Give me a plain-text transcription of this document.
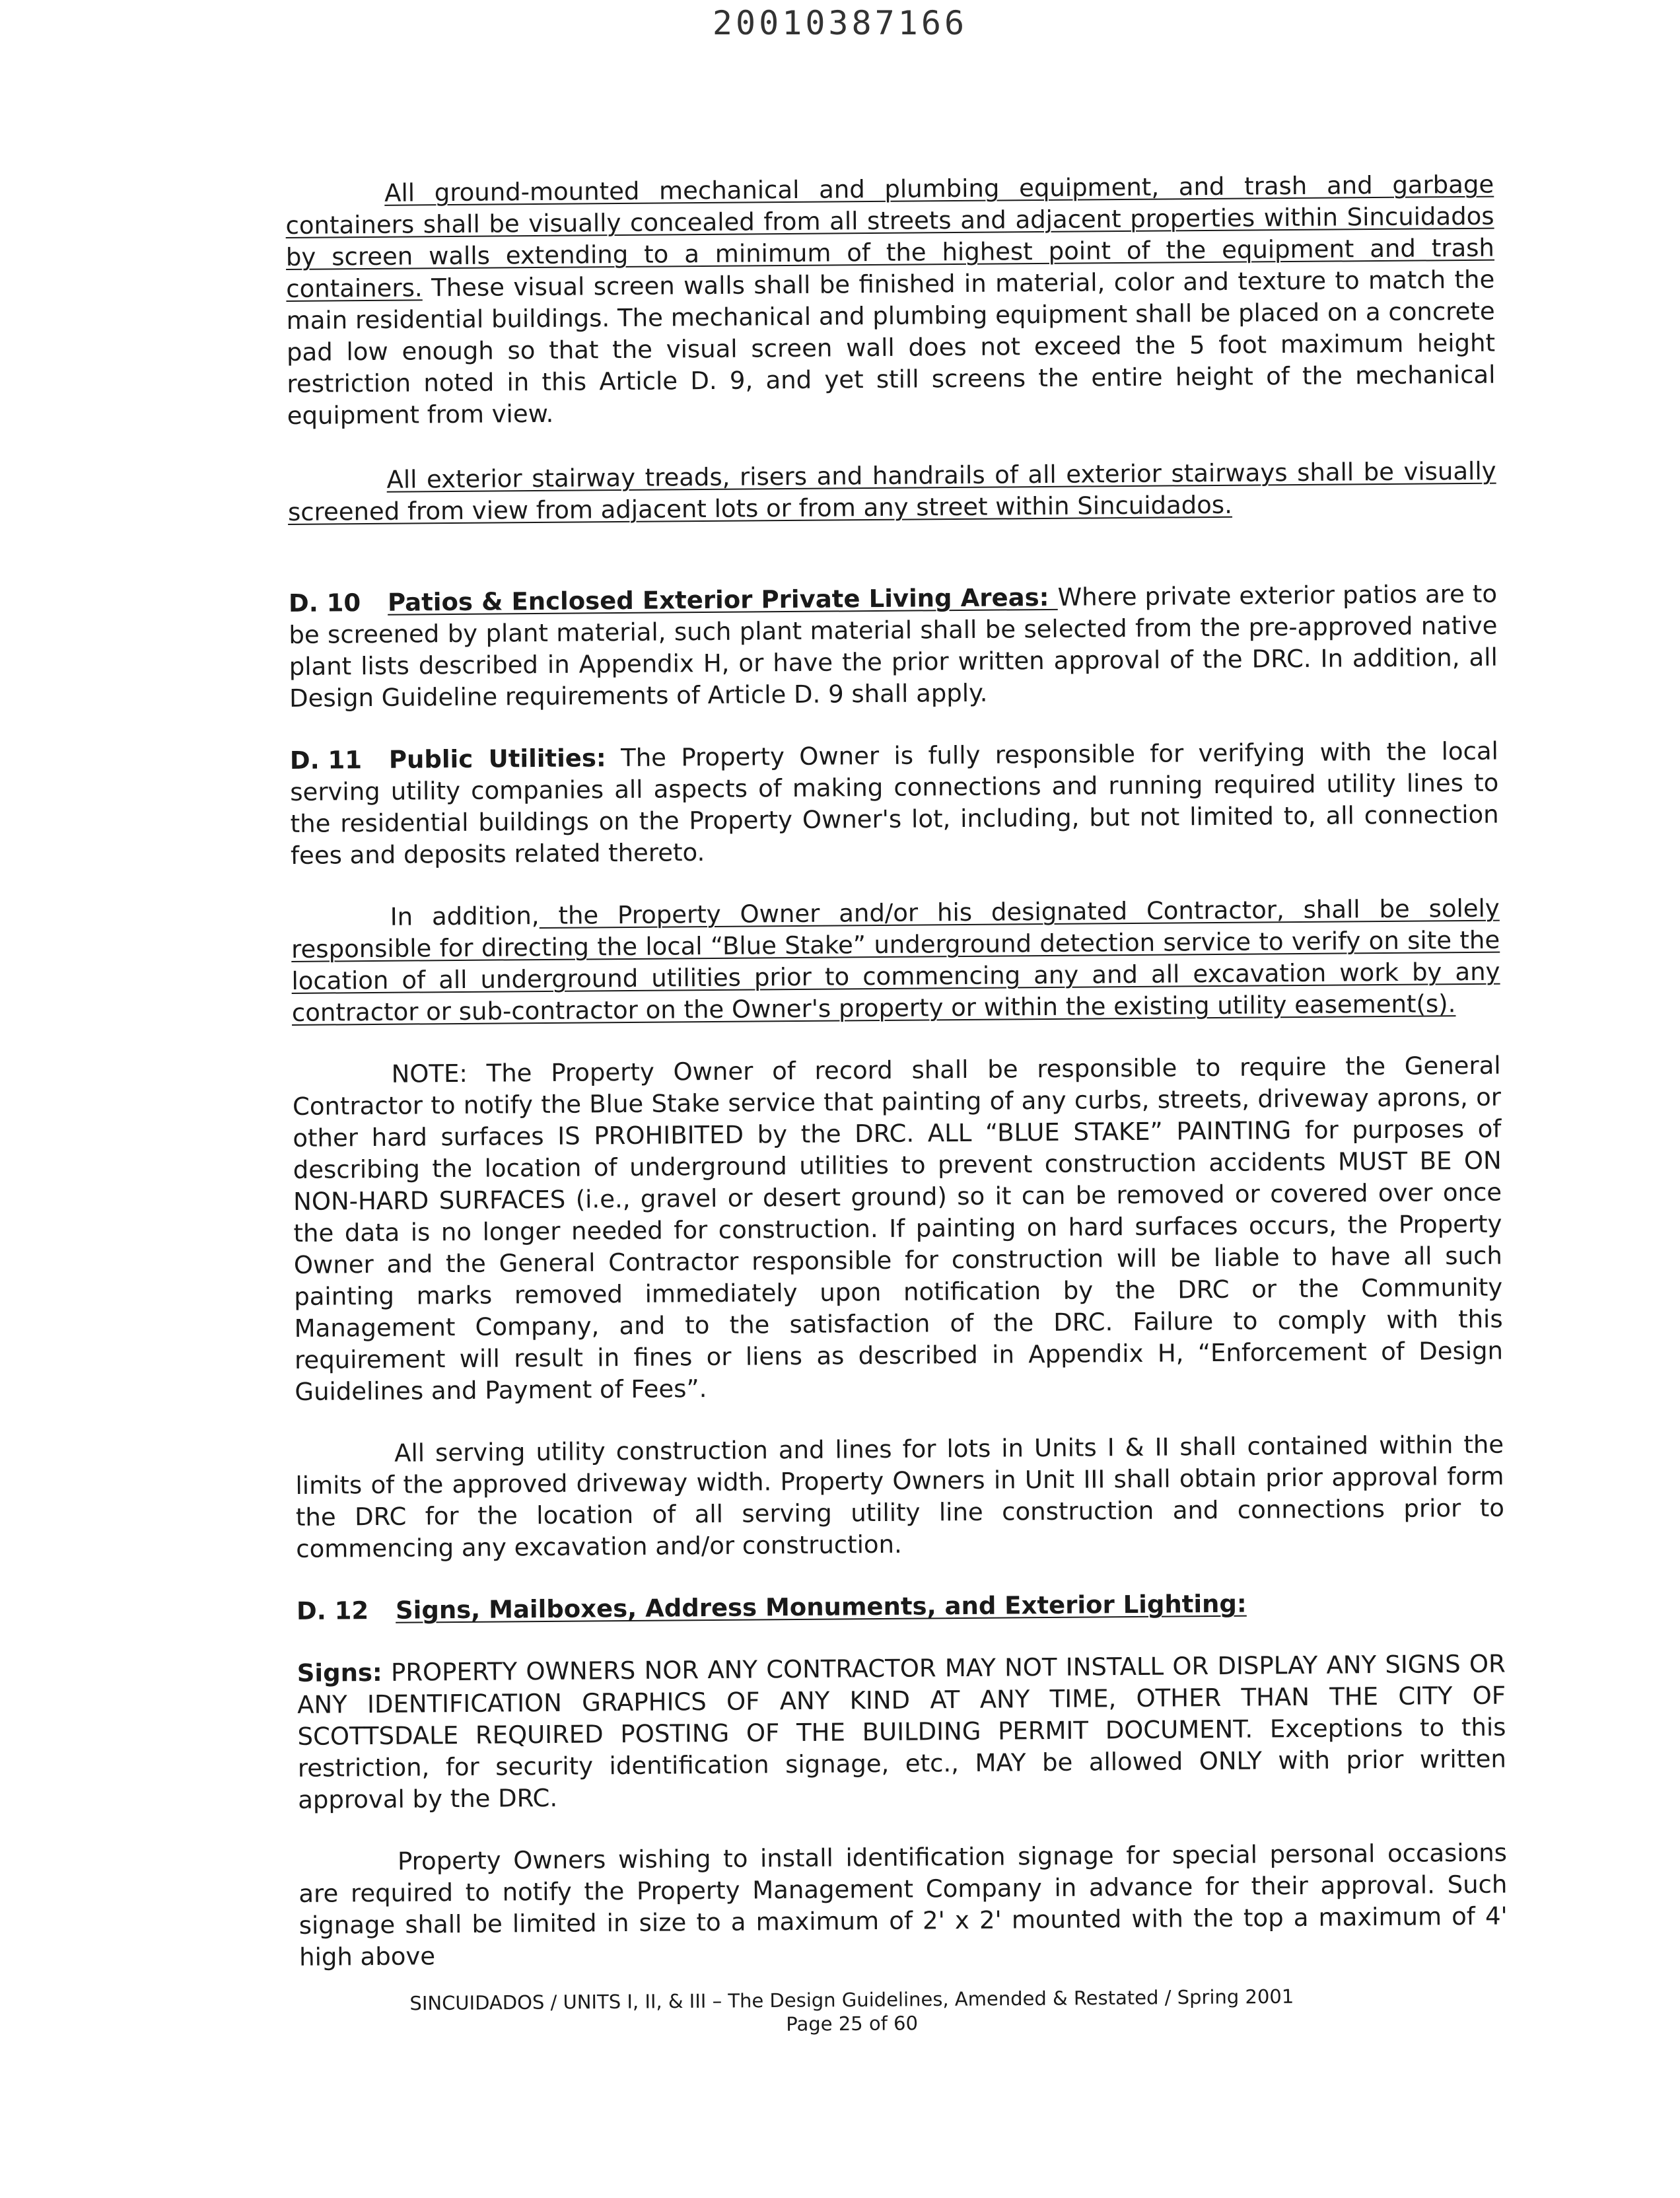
20010387166

All ground-mounted mechanical and plumbing equipment, and trash and garbage containers shall be visually concealed from all streets and adjacent properties within Sincuidados by screen walls extending to a minimum of the highest point of the equipment and trash containers. These visual screen walls shall be finished in material, color and texture to match the main residential buildings. The mechanical and plumbing equipment shall be placed on a concrete pad low enough so that the visual screen wall does not exceed the 5 foot maximum height restriction noted in this Article D. 9, and yet still screens the entire height of the mechanical equipment from view.

All exterior stairway treads, risers and handrails of all exterior stairways shall be visually screened from view from adjacent lots or from any street within Sincuidados.

D. 10 Patios & Enclosed Exterior Private Living Areas: Where private exterior patios are to be screened by plant material, such plant material shall be selected from the pre-approved native plant lists described in Appendix H, or have the prior written approval of the DRC. In addition, all Design Guideline requirements of Article D. 9 shall apply.

D. 11 Public Utilities: The Property Owner is fully responsible for verifying with the local serving utility companies all aspects of making connections and running required utility lines to the residential buildings on the Property Owner's lot, including, but not limited to, all connection fees and deposits related thereto.

In addition, the Property Owner and/or his designated Contractor, shall be solely responsible for directing the local “Blue Stake” underground detection service to verify on site the location of all underground utilities prior to commencing any and all excavation work by any contractor or sub-contractor on the Owner's property or within the existing utility easement(s).

NOTE: The Property Owner of record shall be responsible to require the General Contractor to notify the Blue Stake service that painting of any curbs, streets, driveway aprons, or other hard surfaces IS PROHIBITED by the DRC. ALL “BLUE STAKE” PAINTING for purposes of describing the location of underground utilities to prevent construction accidents MUST BE ON NON-HARD SURFACES (i.e., gravel or desert ground) so it can be removed or covered over once the data is no longer needed for construction. If painting on hard surfaces occurs, the Property Owner and the General Contractor responsible for construction will be liable to have all such painting marks removed immediately upon notification by the DRC or the Community Management Company, and to the satisfaction of the DRC. Failure to comply with this requirement will result in fines or liens as described in Appendix H, “Enforcement of Design Guidelines and Payment of Fees”.

All serving utility construction and lines for lots in Units I & II shall contained within the limits of the approved driveway width. Property Owners in Unit III shall obtain prior approval form the DRC for the location of all serving utility line construction and connections prior to commencing any excavation and/or construction.

D. 12 Signs, Mailboxes, Address Monuments, and Exterior Lighting:

Signs: PROPERTY OWNERS NOR ANY CONTRACTOR MAY NOT INSTALL OR DISPLAY ANY SIGNS OR ANY IDENTIFICATION GRAPHICS OF ANY KIND AT ANY TIME, OTHER THAN THE CITY OF SCOTTSDALE REQUIRED POSTING OF THE BUILDING PERMIT DOCUMENT. Exceptions to this restriction, for security identification signage, etc., MAY be allowed ONLY with prior written approval by the DRC.

Property Owners wishing to install identification signage for special personal occasions are required to notify the Property Management Company in advance for their approval. Such signage shall be limited in size to a maximum of 2' x 2' mounted with the top a maximum of 4' high above

SINCUIDADOS / UNITS I, II, & III – The Design Guidelines, Amended & Restated / Spring 2001
Page 25 of 60
